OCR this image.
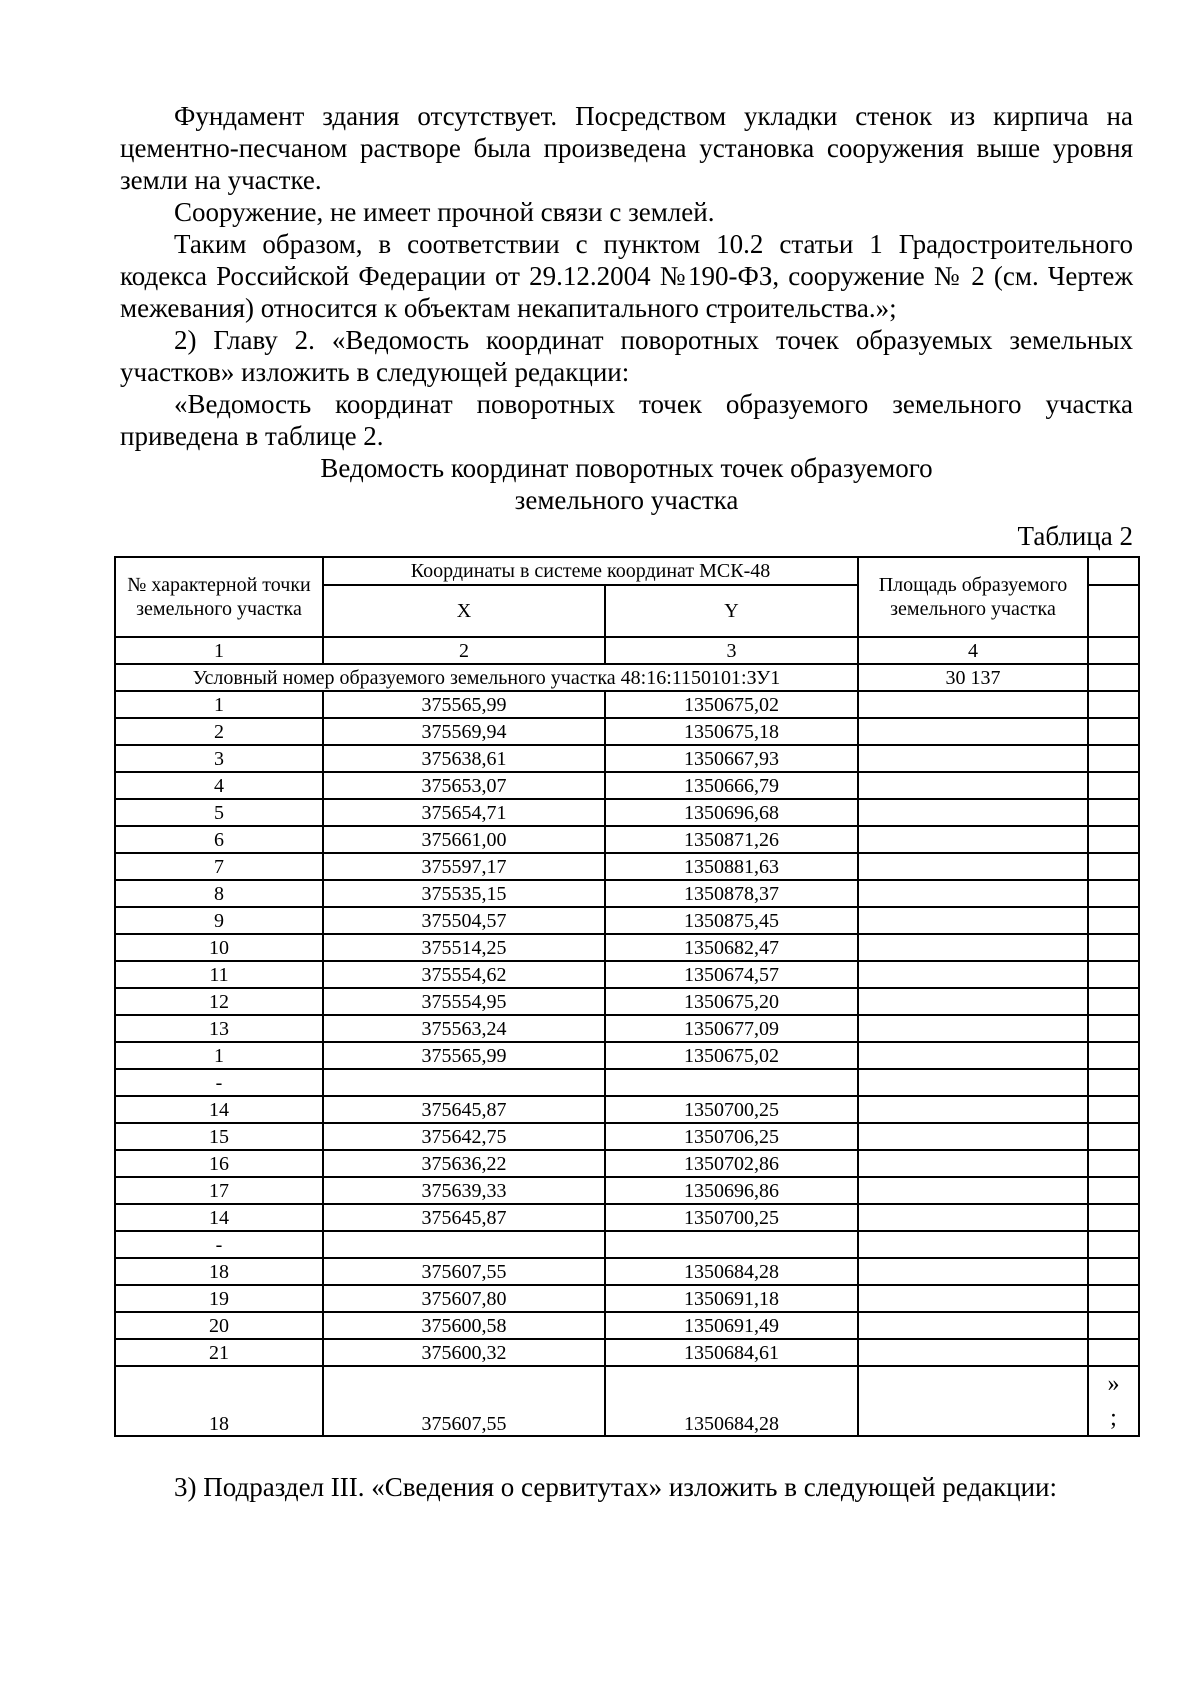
Фундамент здания отсутствует. Посредством укладки стенок из кирпича на цементно-песчаном растворе была произведена установка сооружения выше уровня земли на участке.

Сооружение, не имеет прочной связи с землей.

Таким образом, в соответствии с пунктом 10.2 статьи 1 Градостроительного кодекса Российской Федерации от 29.12.2004 №190-ФЗ, сооружение № 2 (см. Чертеж межевания) относится к объектам некапитального строительства.»;

2) Главу 2. «Ведомость координат поворотных точек образуемых земельных участков» изложить в следующей редакции:

«Ведомость координат поворотных точек образуемого земельного участка приведена в таблице 2.

Ведомость координат поворотных точек образуемого

земельного участка

Таблица 2
№ характерной точки земельного участка	Координаты в системе координат МСК-48		Площадь образуемого земельного участка	
	X	Y		
1	2	3	4	
Условный номер образуемого земельного участка 48:16:1150101:ЗУ1			30 137	
1	375565,99	1350675,02		
2	375569,94	1350675,18		
3	375638,61	1350667,93		
4	375653,07	1350666,79		
5	375654,71	1350696,68		
6	375661,00	1350871,26		
7	375597,17	1350881,63		
8	375535,15	1350878,37		
9	375504,57	1350875,45		
10	375514,25	1350682,47		
11	375554,62	1350674,57		
12	375554,95	1350675,20		
13	375563,24	1350677,09		
1	375565,99	1350675,02		
-				
14	375645,87	1350700,25		
15	375642,75	1350706,25		
16	375636,22	1350702,86		
17	375639,33	1350696,86		
14	375645,87	1350700,25		
-				
18	375607,55	1350684,28		
19	375607,80	1350691,18		
20	375600,58	1350691,49		
21	375600,32	1350684,61		
18	375607,55	1350684,28		»
;

3) Подраздел III. «Сведения о сервитутах» изложить в следующей редакции:
